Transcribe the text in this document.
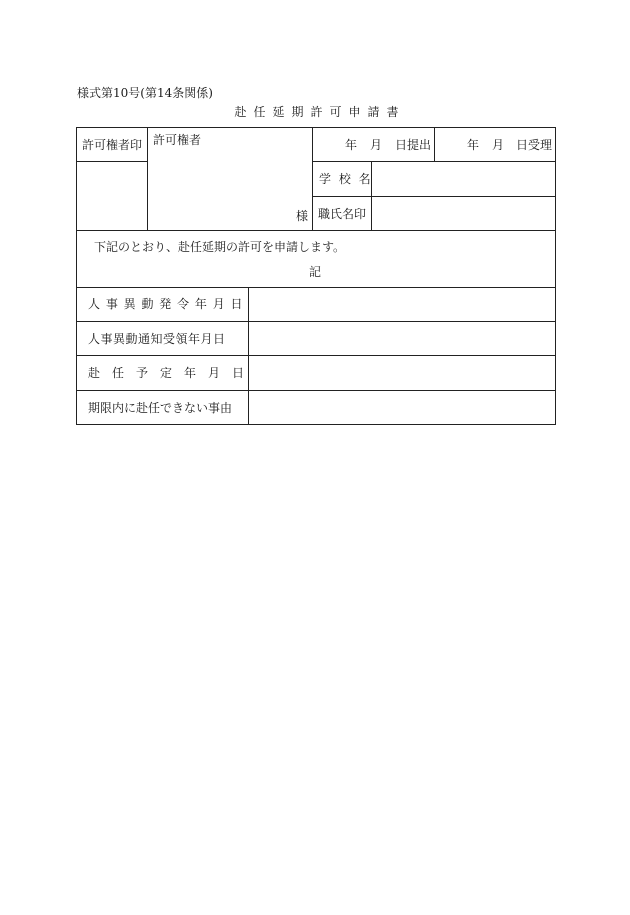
様式第10号(第14条関係)
赴任延期許可申請書
許可権者印 許可権者
様
年 月 日提出	年 月 日受理
学 校 名
職氏名印
下記のとおり、赴任延期の許可を申請します。
記
人 事 異 動 発 令 年 月 日
人事異動通知受領年月日
赴　任　予　定　年　月　日
期限内に赴任できない事由
